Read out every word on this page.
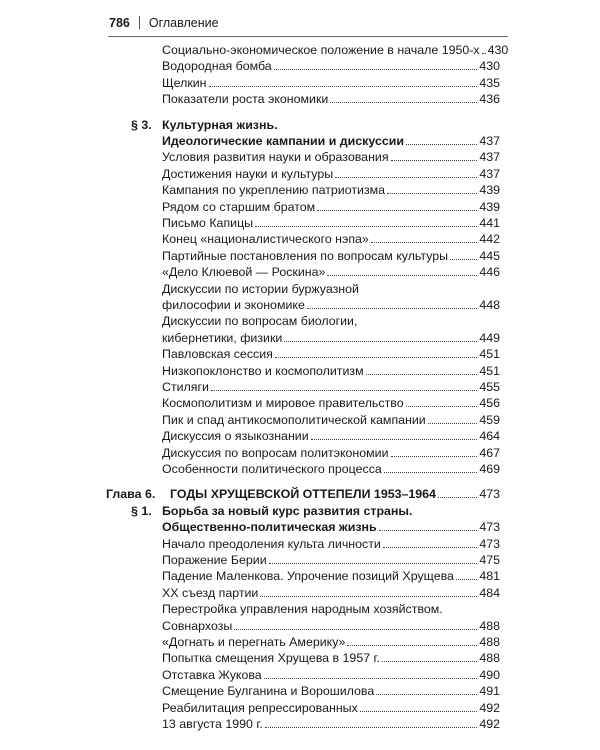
786 Оглавление
Социально-экономическое положение в начале 1950-х 430
Водородная бомба	430
Щелкин	435
Показатели роста экономики	436
§ 3. Культурная жизнь.
Идеологические кампании и дискуссии	437
Условия развития науки и образования	437
Достижения науки и культуры	437
Кампания по укреплению патриотизма	439
Рядом со старшим братом	439
Письмо Капицы	441
Конец «националистического нэпа»	442
Партийные постановления по вопросам культуры	445
«Дело Клюевой — Роскина»	446
Дискуссии по истории буржуазной
философии и экономике	448
Дискуссии по вопросам биологии,
кибернетики, физики	449
Павловская сессия	451
Низкопоклонство и космополитизм	451
Стиляги	455
Космополитизм и мировое правительство	456
Пик и спад антикосмополитической кампании	459
Дискуссия о языкознании	464
Дискуссия по вопросам политэкономии	467
Особенности политического процесса	469
Глава 6. ГОДЫ ХРУЩЕВСКОЙ ОТТЕПЕЛИ 1953–1964	473
§ 1. Борьба за новый курс развития страны.
Общественно-политическая жизнь	473
Начало преодоления культа личности	473
Поражение Берии	475
Падение Маленкова. Упрочение позиций Хрущева 481
XX съезд партии	484
Перестройка управления народным хозяйством.
Совнархозы	488
«Догнать и перегнать Америку»	488
Попытка смещения Хрущева в 1957 г.	488
Отставка Жукова	490
Смещение Булганина и Ворошилова	491
Реабилитация репрессированных	492
13 августа 1990 г.	492
